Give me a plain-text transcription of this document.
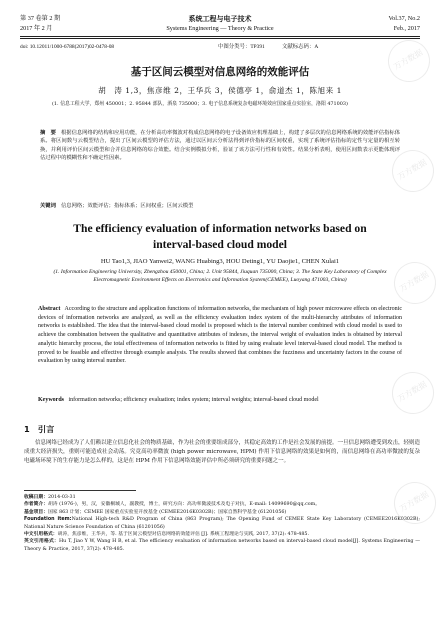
第 37 卷第 2 期	系统工程与电子技术	Vol.37, No.2
2017 年 2 月	Systems Engineering — Theory & Practice	Feb., 2017
doi: 10.12011/1000-6788(2017)02-0478-08	中图分类号：TP391	文献标志码：A
基于区间云模型对信息网络的效能评估
胡　涛 1,3，焦彦维 2，王华兵 3，侯德亭 1，俞道杰 1，陈旭来 1
(1. 信息工程大学，郑州 450001；2. 95844 部队，酒泉 735000；3. 电子信息系统复杂电磁环境效应国家重点实验室，洛阳 471003)
摘　要 根据信息网络的结构和应用功能，在分析高功率微波对构成信息网络的电子设备效应机理基础上，构建了多层次的信息网络系统的效能评估指标体系。将区间数与云模型结合，提出了区间云模型的评估方法，通过以区间云分析法得到评价指标的区间权重，实现了系统评估指标的定性与定量的相互转换，并利用评价区间云模型和合并信息网络的综合效能。结合实例模拟分析，验证了该方法可行性和有效性。结果分析表明，使用区间数表示更能体现评估过程中的模糊性和不确定性因素。
关键词 信息网络；效能评估；指标体系；区间权重；区间云模型
The efficiency evaluation of information networks based on
interval-based cloud model
HU Tao1,3, JIAO Yanwei2, WANG Huabing3, HOU Deting1, YU Daojie1, CHEN Xulai1
(1. Information Engineering University, Zhengzhou 450001, China; 2. Unit 95844, Jiuquan 735000, China; 3. The State Key Laboratory of Complex Electromagnetic Environment Effects on Electronics and Information System(CEMEE), Luoyang 471003, China)
Abstract According to the structure and application functions of information networks, the mechanism of high power microwave effects on electronic devices of information networks are analyzed, as well as the efficiency evaluation index system of the multi-hierarchy attributes of information networks is established. The idea that the interval-based cloud model is proposed which is the interval number combined with cloud model is used to achieve the combination between the qualitative and quantitative attributes of indexes, the interval weight of evaluation index is obtained by interval analytic hierarchy process, the total effectiveness of information networks is fitted by using evaluate level interval-based cloud model. The method is proved to be feasible and effective through example analysis. The results showed that combines the fuzziness and uncertainty factors in the course of evaluation by using interval number.
Keywords information networks; efficiency evaluation; index system; interval weights; interval-based cloud model
1　引言
信息网络已经成为了人们赖以建立信息化社会的物质基础，作为社会的重要组成部分，其稳定高效的工作是社会发展的前提。一旦信息网络遭受到攻击，轻则造成重大经济损失，重则可能造成社会动荡。究竟高功率微波 (high power microwave, HPM) 作用下信息网络的效果是如何的，而信息网络在高功率微波的复杂电磁场环境下的生存能力是怎么样的，这是在 HPM 作用下信息网络效能评估中所必须研究的重要问题之一。

收稿日期：2014-03-31

作者简介：胡涛 (1976-)，男，汉，安徽桐城人，副教授，博士，研究方向：高功率微波技术及电子对抗，E-mail: 14099690@qq.com。

基金项目：国家 863 计划；CEMEE 国家重点实验室开放基金 (CEMEE2016K0302B)；国家自然科学基金 (61201056)

Foundation item:National High-tech R&D Program of China (863 Program); The Opening Fund of CEMEE State Key Laboratory (CEMEE2016K0302B); National Nature Science Foundation of China (61201056)

中文引用格式：胡涛，焦彦维，王华兵，等. 基于区间云模型对信息网络的效能评估 [J]. 系统工程理论与实践, 2017, 37(2): 478-485.

英文引用格式：Hu T, Jiao Y W, Wang H B, et al. The efficiency evaluation of information networks based on interval-based cloud model[J]. Systems Engineering — Theory & Practice, 2017, 37(2): 478-485.

万方数据
万方数据
万方数据
万方数据
万方数据
